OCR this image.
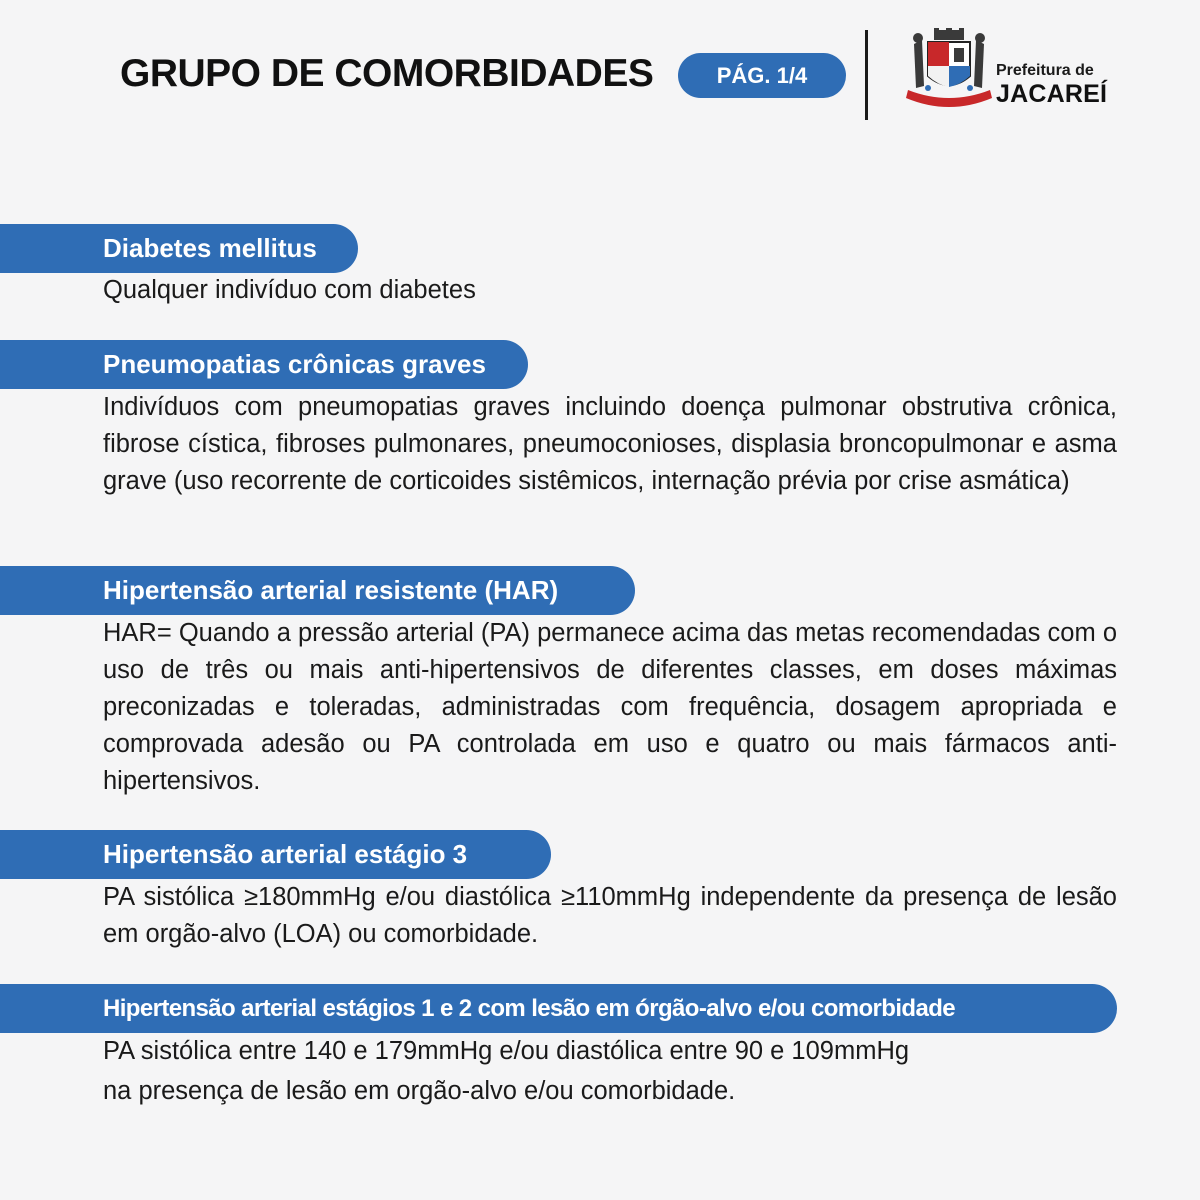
GRUPO DE COMORBIDADES	PÁG. 1/4	Prefeitura de
JACAREÍ
Diabetes mellitus
Qualquer indivíduo com diabetes
Pneumopatias crônicas graves
Indivíduos com pneumopatias graves incluindo doença pulmonar obstrutiva crônica, fibrose cística, fibroses pulmonares, pneumoconioses, displasia broncopulmonar e asma grave (uso recorrente de corticoides sistêmicos, internação prévia por crise asmática)
Hipertensão arterial resistente (HAR)
HAR= Quando a pressão arterial (PA) permanece acima das metas recomendadas com o uso de três ou mais anti-hipertensivos de diferentes classes, em doses máximas preconizadas e toleradas, administradas com frequência, dosagem apropriada e comprovada adesão ou PA controlada em uso e quatro ou mais fármacos anti-hipertensivos.
Hipertensão arterial estágio 3
PA sistólica ≥180mmHg e/ou diastólica ≥110mmHg independente da presença de lesão em orgão-alvo (LOA) ou comorbidade.
Hipertensão arterial estágios 1 e 2 com lesão em órgão-alvo e/ou comorbidade
PA sistólica entre 140 e 179mmHg e/ou diastólica entre 90 e 109mmHg
na presença de lesão em orgão-alvo e/ou comorbidade.
